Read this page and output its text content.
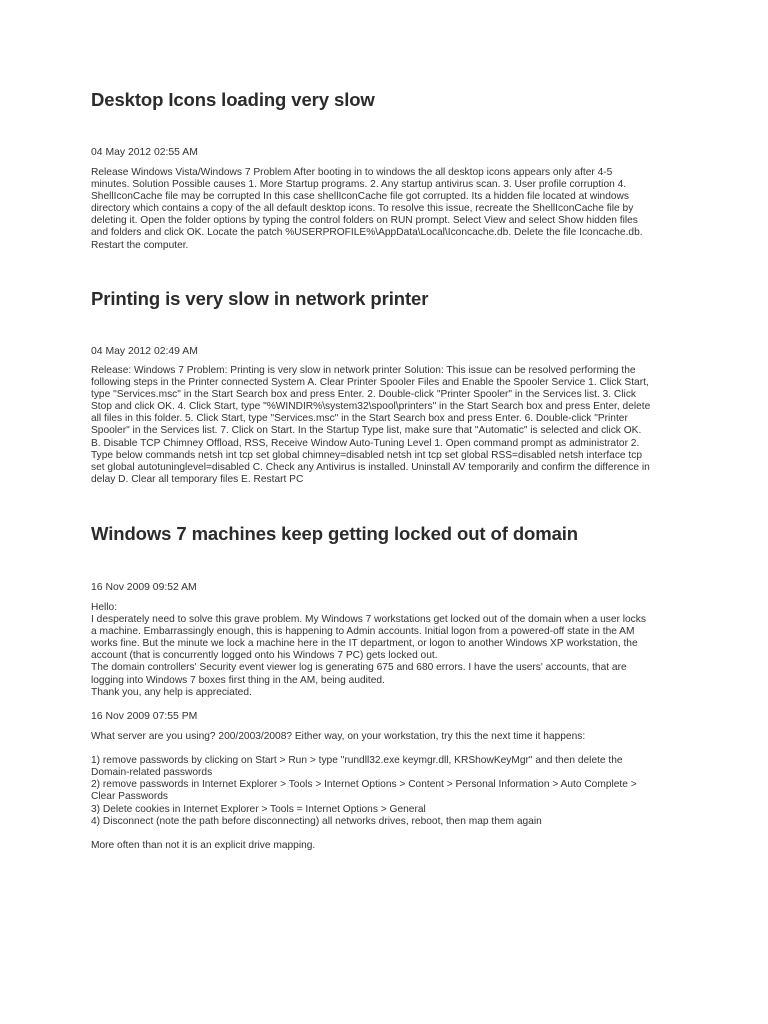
Desktop Icons loading very slow
04 May 2012 02:55 AM
Release Windows Vista/Windows 7 Problem After booting in to windows the all desktop icons appears only after 4-5
minutes. Solution Possible causes 1. More Startup programs. 2. Any startup antivirus scan. 3. User profile corruption 4.
ShellIconCache file may be corrupted In this case shellIconCache file got corrupted. Its a hidden file located at windows
directory which contains a copy of the all default desktop icons. To resolve this issue, recreate the ShellIconCache file by
deleting it. Open the folder options by typing the control folders on RUN prompt. Select View and select Show hidden files
and folders and click OK. Locate the patch %USERPROFILE%\AppData\Local\Iconcache.db. Delete the file Iconcache.db.
Restart the computer.
Printing is very slow in network printer
04 May 2012 02:49 AM
Release: Windows 7 Problem: Printing is very slow in network printer Solution: This issue can be resolved performing the
following steps in the Printer connected System A. Clear Printer Spooler Files and Enable the Spooler Service 1. Click Start,
type "Services.msc" in the Start Search box and press Enter. 2. Double-click "Printer Spooler" in the Services list. 3. Click
Stop and click OK. 4. Click Start, type "%WINDIR%\system32\spool\printers" in the Start Search box and press Enter, delete
all files in this folder. 5. Click Start, type "Services.msc" in the Start Search box and press Enter. 6. Double-click "Printer
Spooler" in the Services list. 7. Click on Start. In the Startup Type list, make sure that "Automatic" is selected and click OK.
B. Disable TCP Chimney Offload, RSS, Receive Window Auto-Tuning Level 1. Open command prompt as administrator 2.
Type below commands netsh int tcp set global chimney=disabled netsh int tcp set global RSS=disabled netsh interface tcp
set global autotuninglevel=disabled C. Check any Antivirus is installed. Uninstall AV temporarily and confirm the difference in
delay D. Clear all temporary files E. Restart PC
Windows 7 machines keep getting locked out of domain
16 Nov 2009 09:52 AM
Hello:
I desperately need to solve this grave problem. My Windows 7 workstations get locked out of the domain when a user locks
a machine. Embarrassingly enough, this is happening to Admin accounts. Initial logon from a powered-off state in the AM
works fine. But the minute we lock a machine here in the IT department, or logon to another Windows XP workstation, the
account (that is concurrently logged onto his Windows 7 PC) gets locked out.
The domain controllers' Security event viewer log is generating 675 and 680 errors. I have the users' accounts, that are
logging into Windows 7 boxes first thing in the AM, being audited.
Thank you, any help is appreciated.
16 Nov 2009 07:55 PM
What server are you using? 200/2003/2008? Either way, on your workstation, try this the next time it happens:
1) remove passwords by clicking on Start > Run > type "rundll32.exe keymgr.dll, KRShowKeyMgr" and then delete the
Domain-related passwords
2) remove passwords in Internet Explorer > Tools > Internet Options > Content > Personal Information > Auto Complete >
Clear Passwords
3) Delete cookies in Internet Explorer > Tools = Internet Options > General
4) Disconnect (note the path before disconnecting) all networks drives, reboot, then map them again
More often than not it is an explicit drive mapping.
